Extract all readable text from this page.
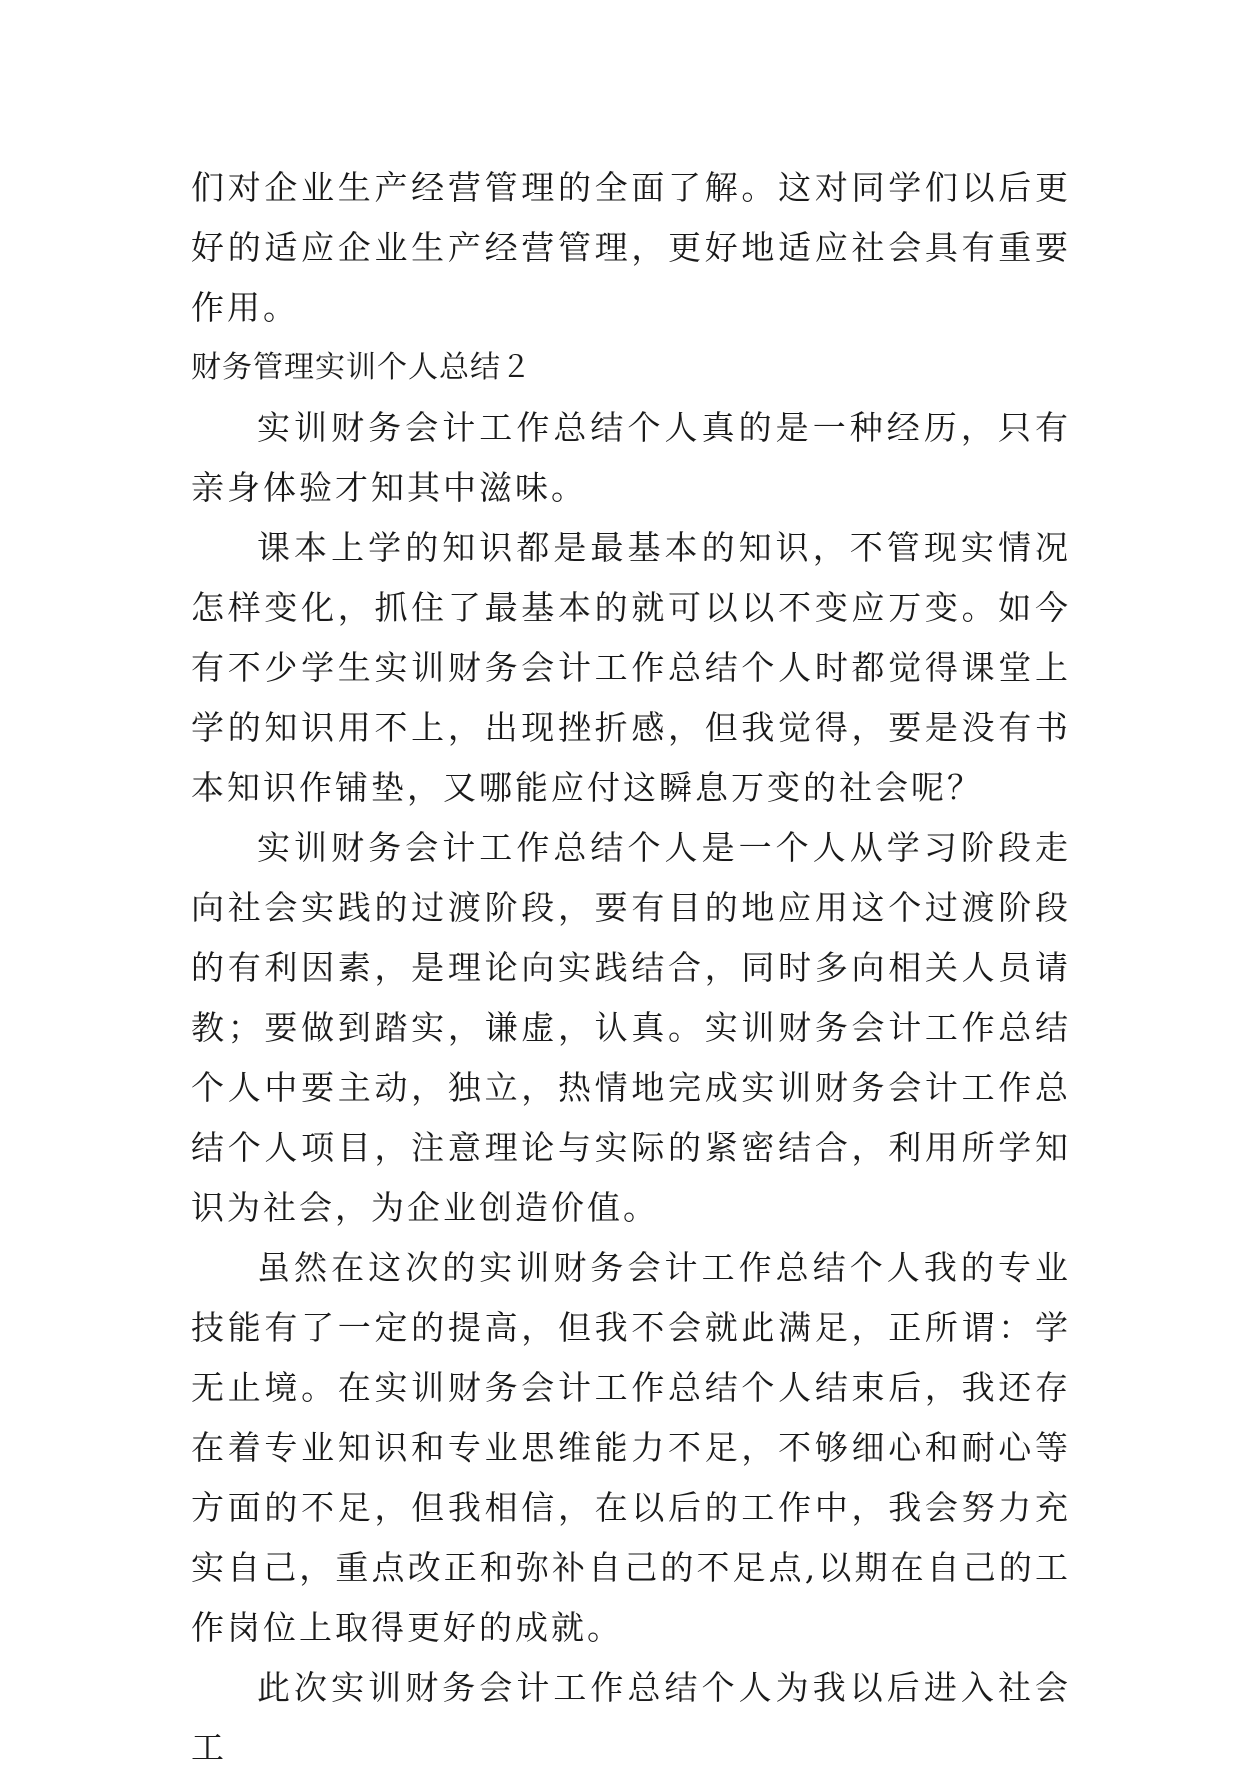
们对企业生产经营管理的全面了解。这对同学们以后更好的适应企业生产经营管理，更好地适应社会具有重要作用。

财务管理实训个人总结２

实训财务会计工作总结个人真的是一种经历，只有亲身体验才知其中滋味。

课本上学的知识都是最基本的知识，不管现实情况怎样变化，抓住了最基本的就可以以不变应万变。如今有不少学生实训财务会计工作总结个人时都觉得课堂上学的知识用不上，出现挫折感，但我觉得，要是没有书本知识作铺垫，又哪能应付这瞬息万变的社会呢？

实训财务会计工作总结个人是一个人从学习阶段走向社会实践的过渡阶段，要有目的地应用这个过渡阶段的有利因素，是理论向实践结合，同时多向相关人员请教；要做到踏实，谦虚，认真。实训财务会计工作总结个人中要主动，独立，热情地完成实训财务会计工作总结个人项目，注意理论与实际的紧密结合，利用所学知识为社会，为企业创造价值。

虽然在这次的实训财务会计工作总结个人我的专业技能有了一定的提高，但我不会就此满足，正所谓：学无止境。在实训财务会计工作总结个人结束后，我还存在着专业知识和专业思维能力不足，不够细心和耐心等方面的不足，但我相信，在以后的工作中，我会努力充实自己，重点改正和弥补自己的不足点,以期在自己的工作岗位上取得更好的成就。

此次实训财务会计工作总结个人为我以后进入社会工
